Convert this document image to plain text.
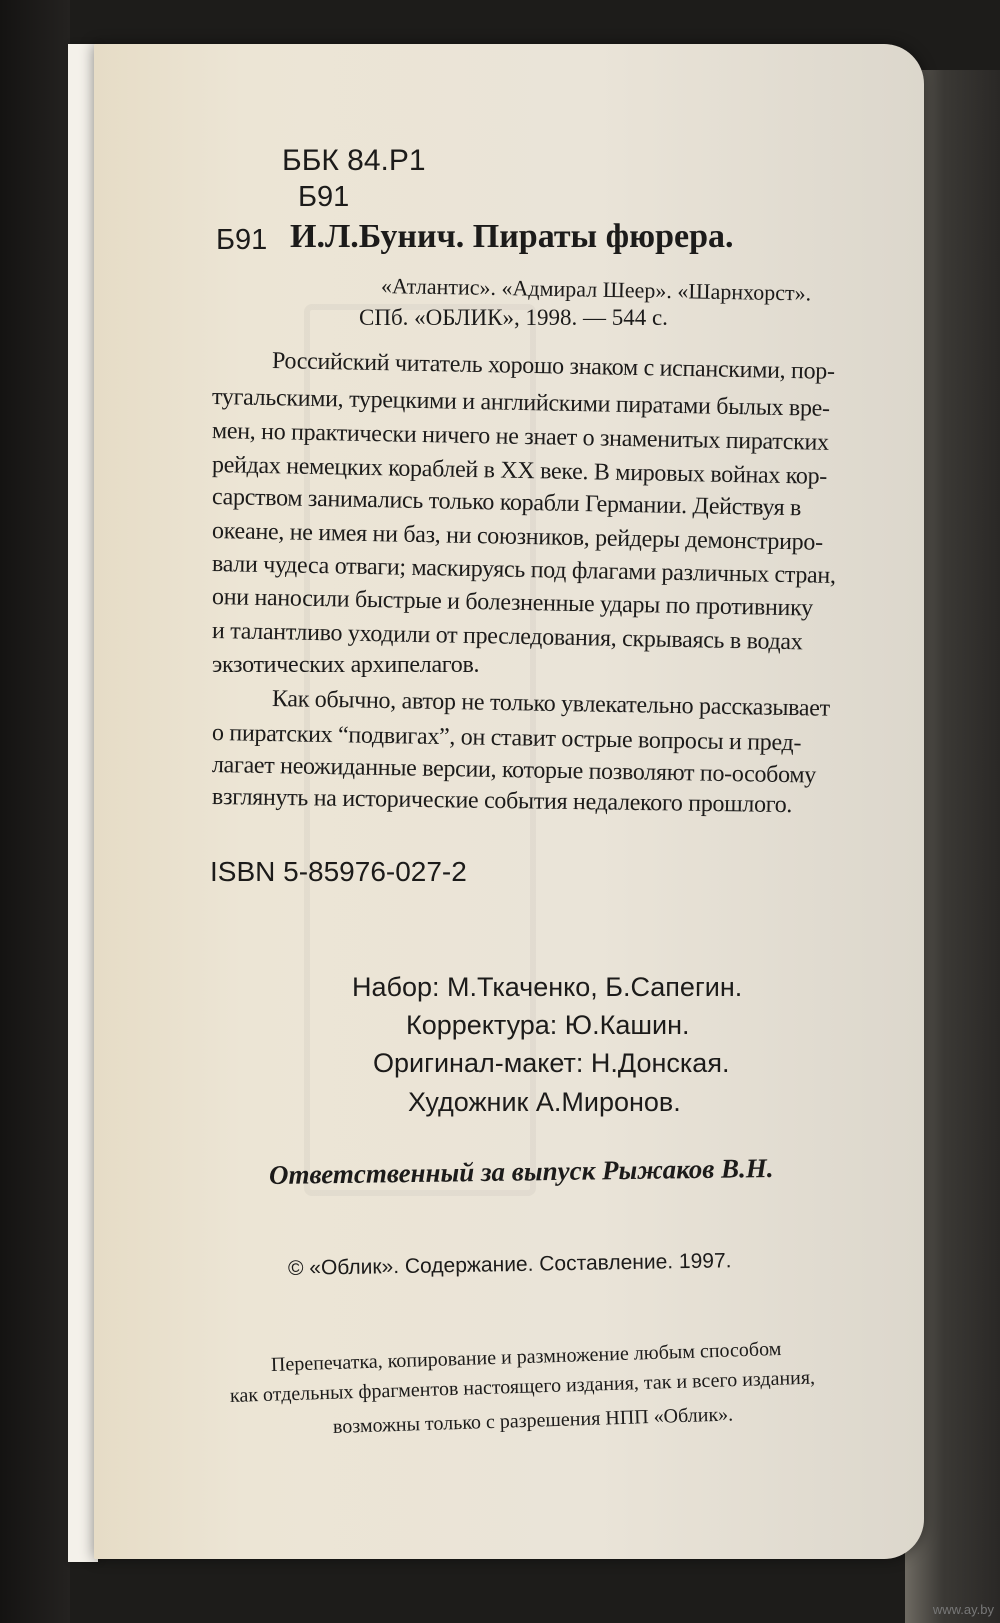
ББК 84.Р1
Б91
Б91 И.Л.Бунич. Пираты фюрера.
«Атлантис». «Адмирал Шеер». «Шарнхорст».
СПб. «ОБЛИК», 1998. — 544 с.
Российский читатель хорошо знаком с испанскими, пор-
тугальскими, турецкими и английскими пиратами былых вре-
мен, но практически ничего не знает о знаменитых пиратских
рейдах немецких кораблей в XX веке. В мировых войнах кор-
сарством занимались только корабли Германии. Действуя в
океане, не имея ни баз, ни союзников, рейдеры демонстриро-
вали чудеса отваги; маскируясь под флагами различных стран,
они наносили быстрые и болезненные удары по противнику
и талантливо уходили от преследования, скрываясь в водах
экзотических архипелагов.
Как обычно, автор не только увлекательно рассказывает
о пиратских “подвигах”, он ставит острые вопросы и пред-
лагает неожиданные версии, которые позволяют по-особому
взглянуть на исторические события недалекого прошлого.
ISBN 5-85976-027-2
Набор: М.Ткаченко, Б.Сапегин.
Корректура: Ю.Кашин.
Оригинал-макет: Н.Донская.
Художник А.Миронов.
Ответственный за выпуск Рыжаков В.Н.
© «Облик». Содержание. Составление. 1997.
Перепечатка, копирование и размножение любым способом
как отдельных фрагментов настоящего издания, так и всего издания,
возможны только с разрешения НПП «Облик».
www.ay.by
